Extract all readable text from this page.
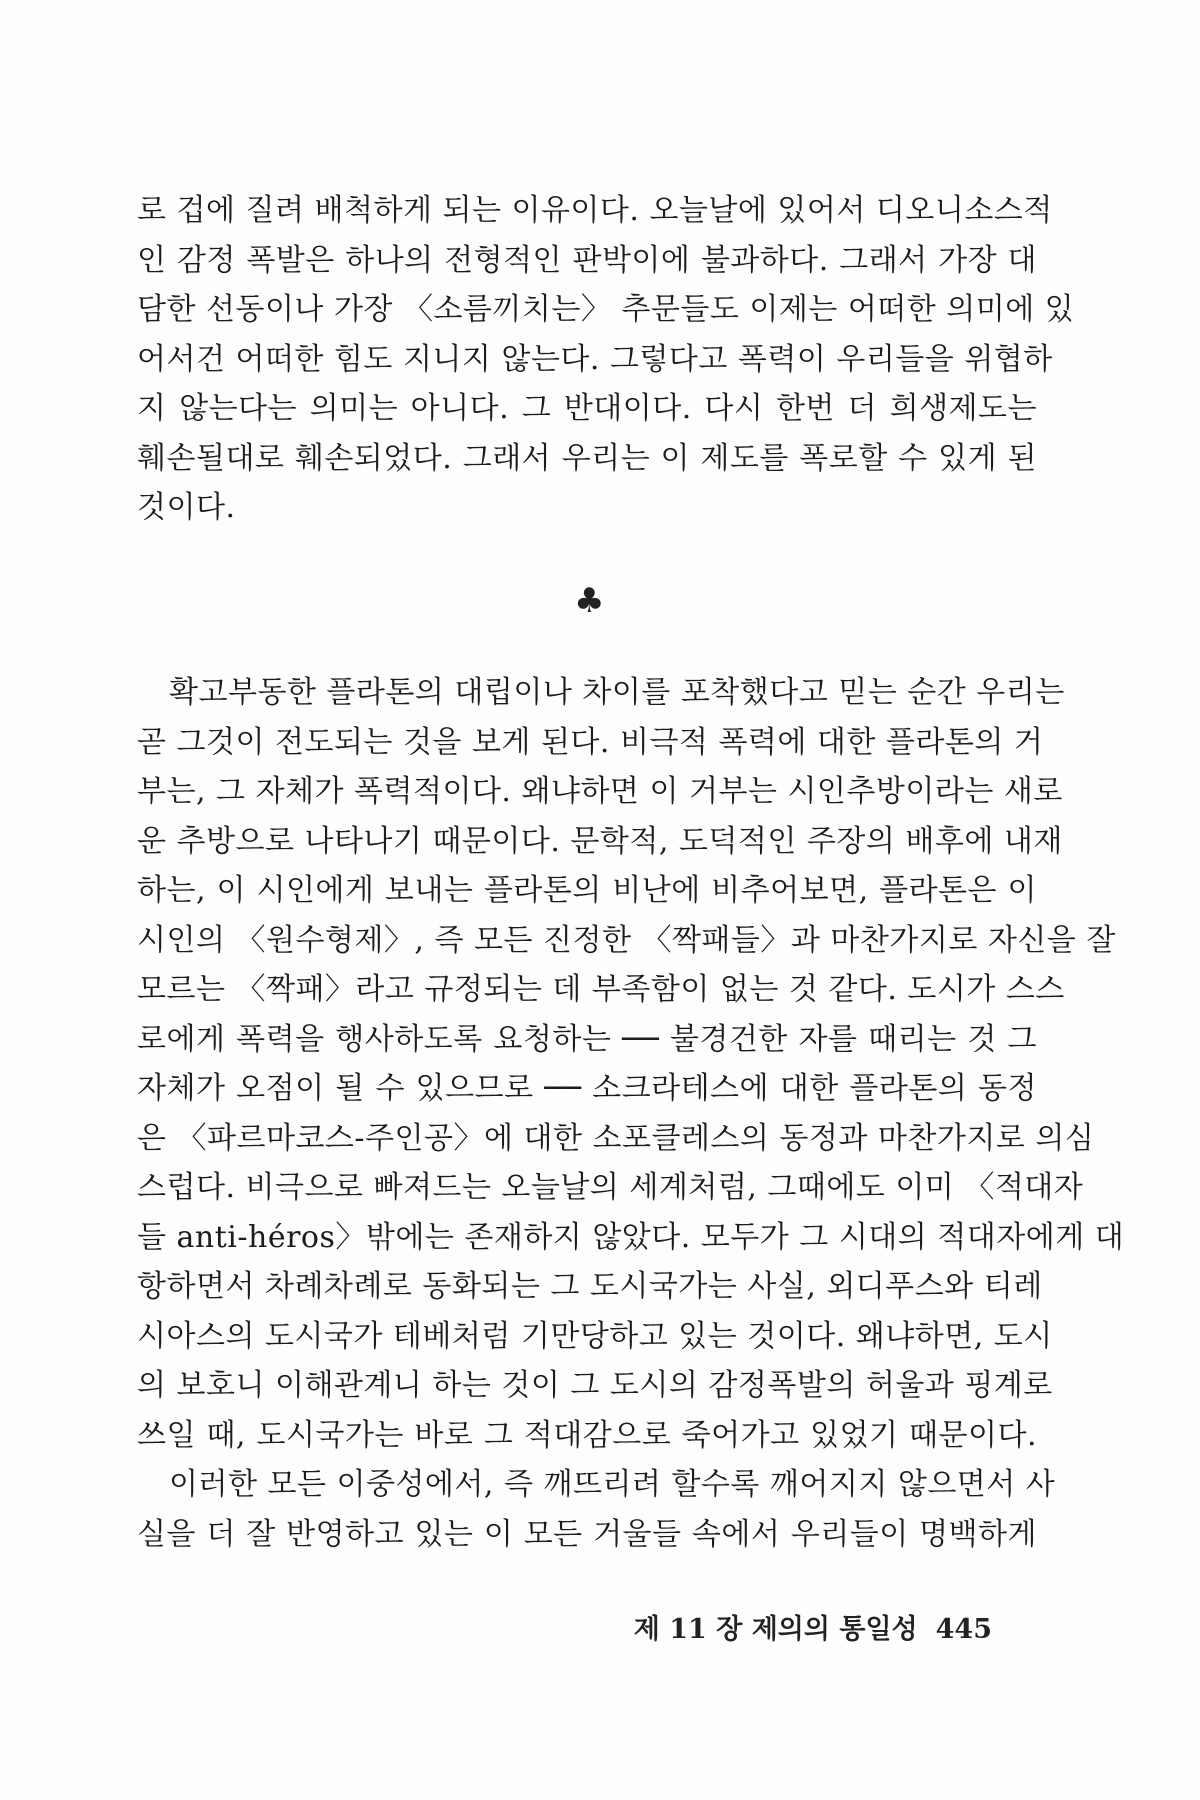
로 겁에 질려 배척하게 되는 이유이다. 오늘날에 있어서 디오니소스적
인 감정 폭발은 하나의 전형적인 판박이에 불과하다. 그래서 가장 대
담한 선동이나 가장 〈소름끼치는〉 추문들도 이제는 어떠한 의미에 있
어서건 어떠한 힘도 지니지 않는다. 그렇다고 폭력이 우리들을 위협하
지 않는다는 의미는 아니다. 그 반대이다. 다시 한번 더 희생제도는
훼손될대로 훼손되었다. 그래서 우리는 이 제도를 폭로할 수 있게 된
것이다.
♣
확고부동한 플라톤의 대립이나 차이를 포착했다고 믿는 순간 우리는
곧 그것이 전도되는 것을 보게 된다. 비극적 폭력에 대한 플라톤의 거
부는, 그 자체가 폭력적이다. 왜냐하면 이 거부는 시인추방이라는 새로
운 추방으로 나타나기 때문이다. 문학적, 도덕적인 주장의 배후에 내재
하는, 이 시인에게 보내는 플라톤의 비난에 비추어보면, 플라톤은 이
시인의 〈원수형제〉, 즉 모든 진정한 〈짝패들〉과 마찬가지로 자신을 잘
모르는 〈짝패〉라고 규정되는 데 부족함이 없는 것 같다. 도시가 스스
로에게 폭력을 행사하도록 요청하는 ── 불경건한 자를 때리는 것 그
자체가 오점이 될 수 있으므로 ── 소크라테스에 대한 플라톤의 동정
은 〈파르마코스-주인공〉에 대한 소포클레스의 동정과 마찬가지로 의심
스럽다. 비극으로 빠져드는 오늘날의 세계처럼, 그때에도 이미 〈적대자
들 anti-héros〉밖에는 존재하지 않았다. 모두가 그 시대의 적대자에게 대
항하면서 차례차례로 동화되는 그 도시국가는 사실, 외디푸스와 티레
시아스의 도시국가 테베처럼 기만당하고 있는 것이다. 왜냐하면, 도시
의 보호니 이해관계니 하는 것이 그 도시의 감정폭발의 허울과 핑계로
쓰일 때, 도시국가는 바로 그 적대감으로 죽어가고 있었기 때문이다.
이러한 모든 이중성에서, 즉 깨뜨리려 할수록 깨어지지 않으면서 사
실을 더 잘 반영하고 있는 이 모든 거울들 속에서 우리들이 명백하게
제 11 장 제의의 통일성 445
